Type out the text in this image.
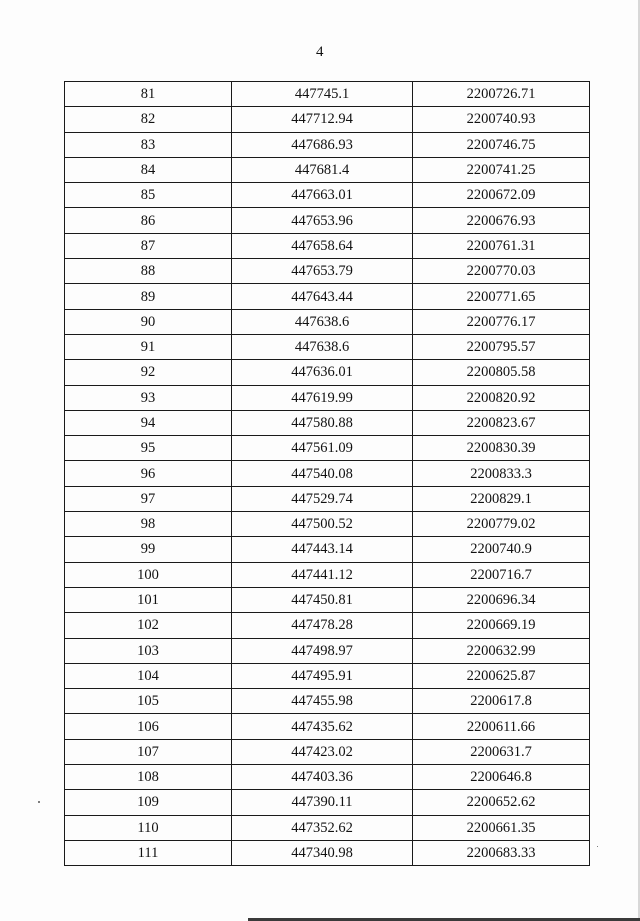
4
81	447745.1	2200726.71
82	447712.94	2200740.93
83	447686.93	2200746.75
84	447681.4	2200741.25
85	447663.01	2200672.09
86	447653.96	2200676.93
87	447658.64	2200761.31
88	447653.79	2200770.03
89	447643.44	2200771.65
90	447638.6	2200776.17
91	447638.6	2200795.57
92	447636.01	2200805.58
93	447619.99	2200820.92
94	447580.88	2200823.67
95	447561.09	2200830.39
96	447540.08	2200833.3
97	447529.74	2200829.1
98	447500.52	2200779.02
99	447443.14	2200740.9
100	447441.12	2200716.7
101	447450.81	2200696.34
102	447478.28	2200669.19
103	447498.97	2200632.99
104	447495.91	2200625.87
105	447455.98	2200617.8
106	447435.62	2200611.66
107	447423.02	2200631.7
108	447403.36	2200646.8
109	447390.11	2200652.62
110	447352.62	2200661.35
111	447340.98	2200683.33
